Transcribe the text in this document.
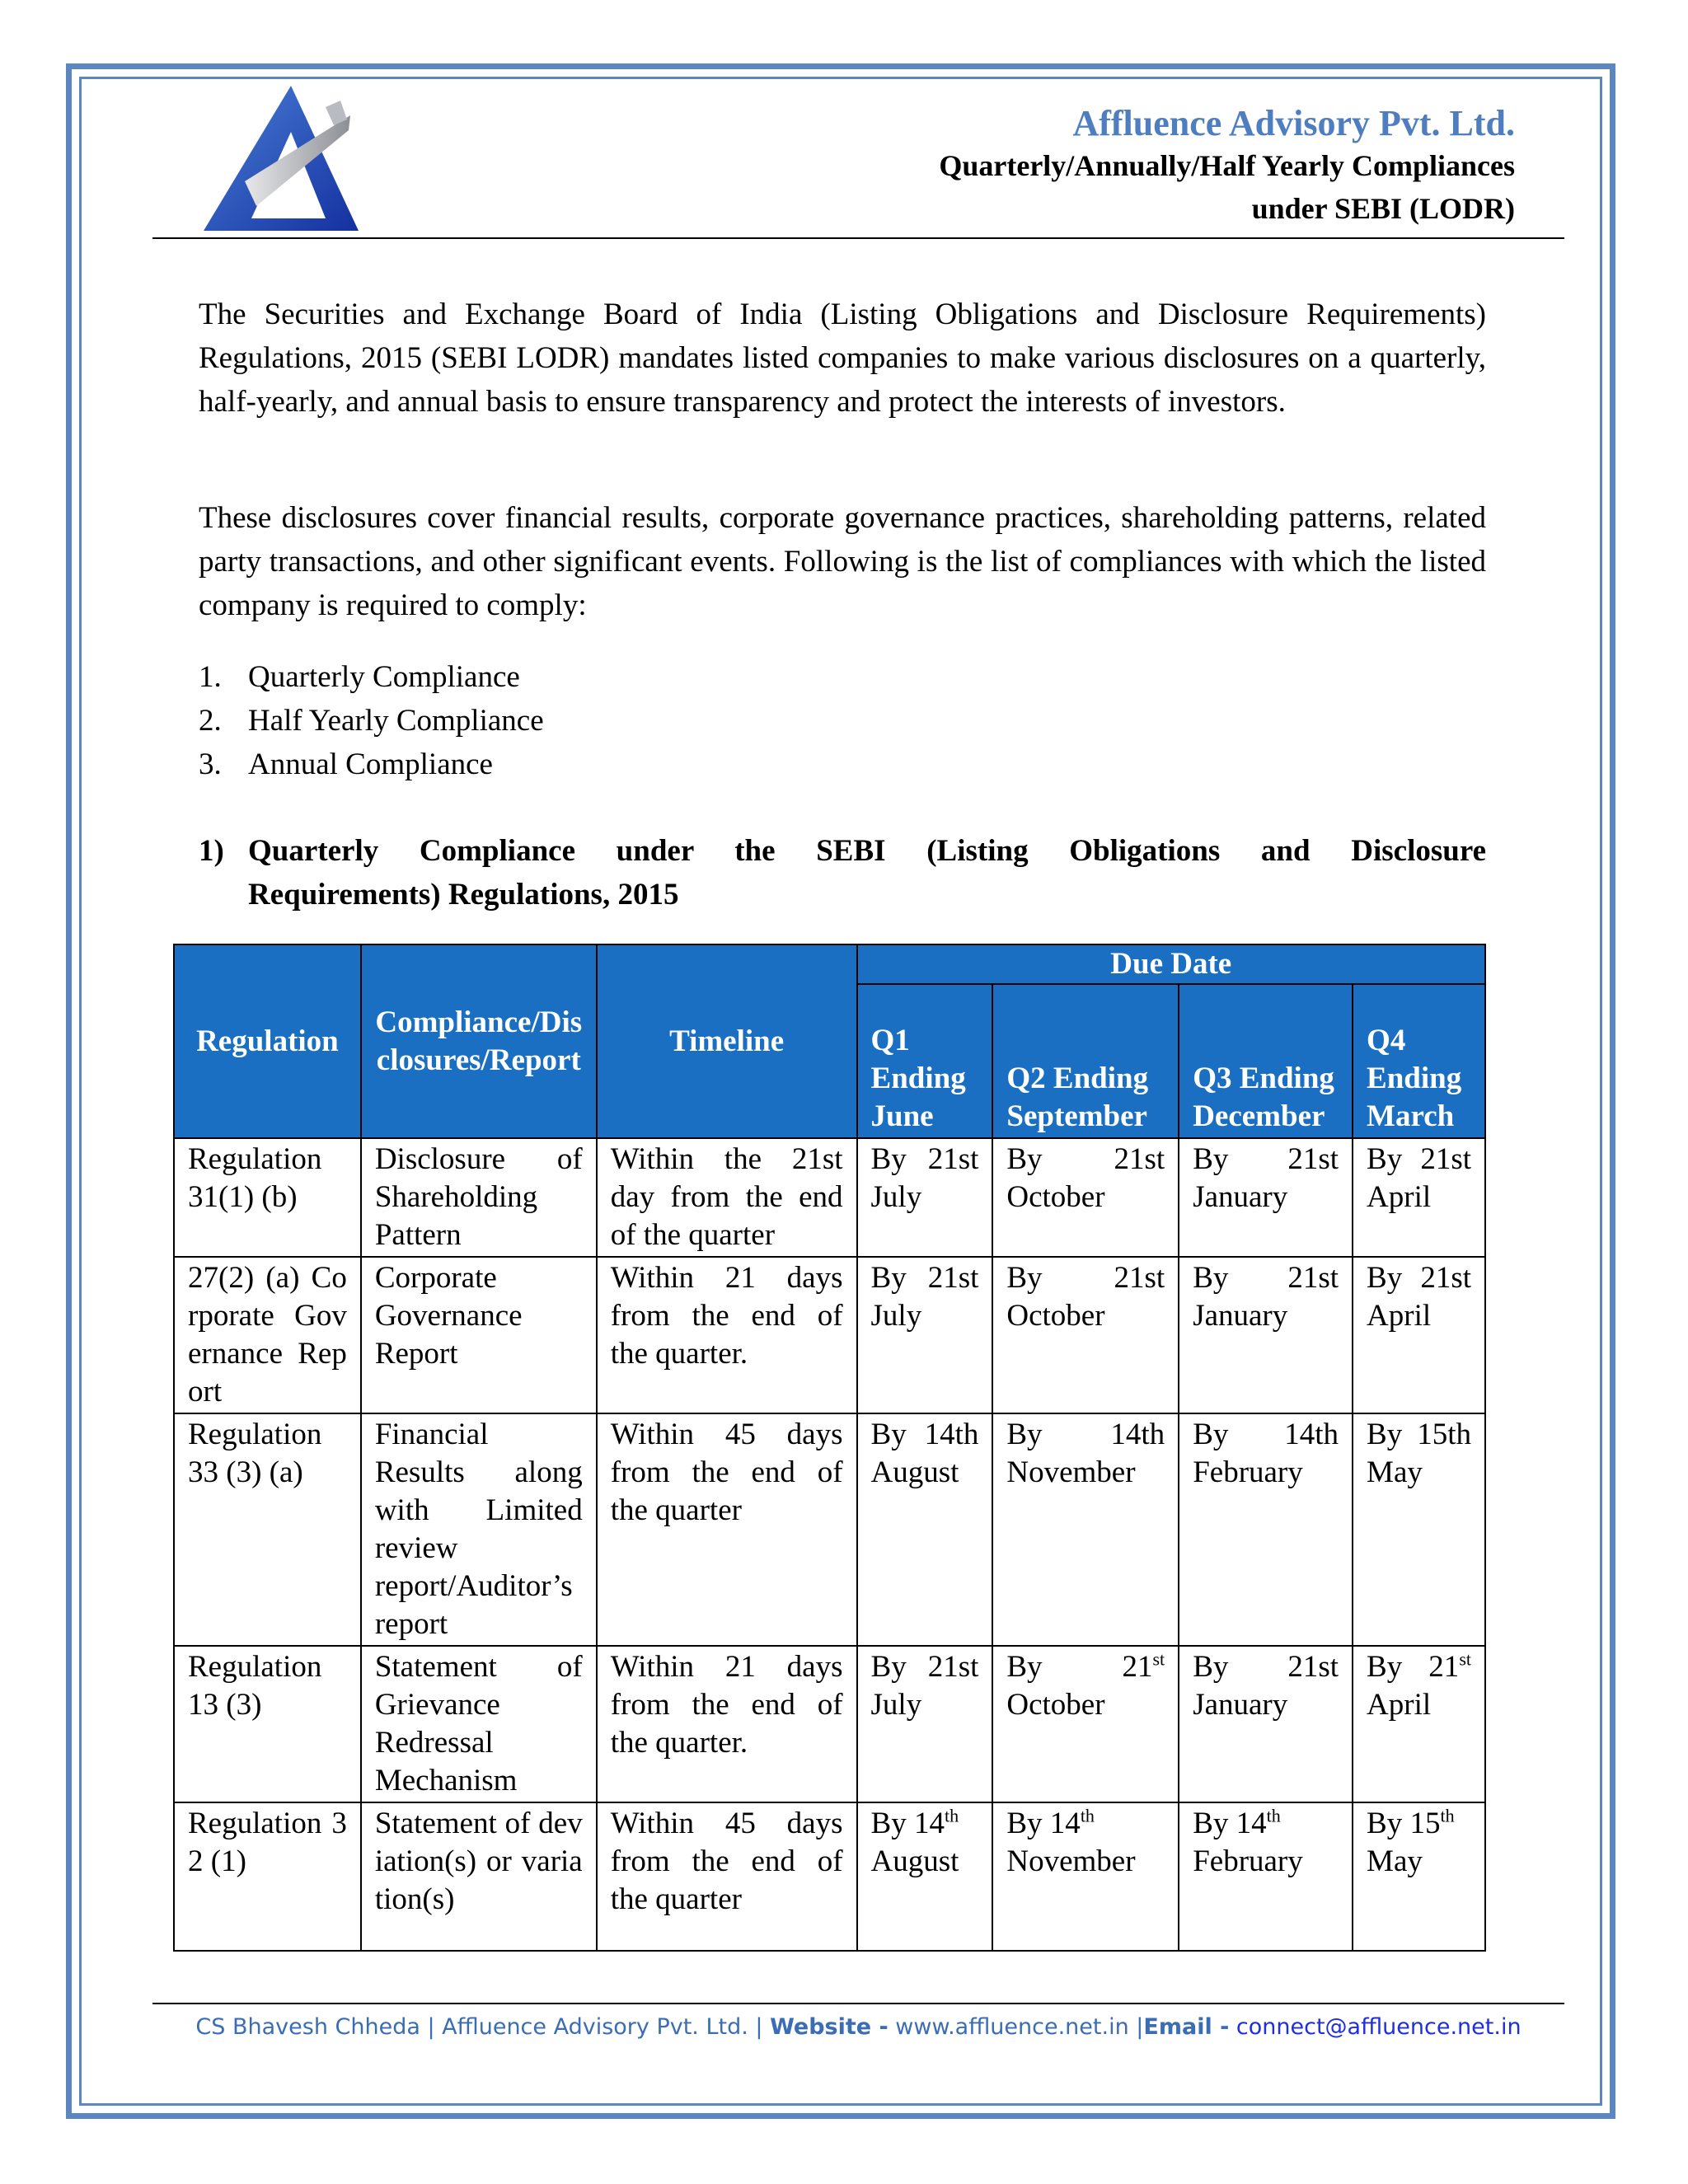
Affluence Advisory Pvt. Ltd.
Quarterly/Annually/Half Yearly Compliances
under SEBI (LODR)
The Securities and Exchange Board of India (Listing Obligations and Disclosure Requirements) Regulations, 2015 (SEBI LODR) mandates listed companies to make various disclosures on a quarterly, half-yearly, and annual basis to ensure transparency and protect the interests of investors.
These disclosures cover financial results, corporate governance practices, shareholding patterns, related party transactions, and other significant events. Following is the list of compliances with which the listed company is required to comply:
1. Quarterly Compliance
2. Half Yearly Compliance
3. Annual Compliance
1) Quarterly Compliance under the SEBI (Listing Obligations and Disclosure
Requirements) Regulations, 2015
Regulation	Compliance/Disclosures/Report	Timeline	Due Date			
			Q1 Ending June	Q2 Ending September	Q3 Ending December	Q4 Ending March
Regulation 31(1) (b)	Disclosure of Shareholding Pattern	Within the 21st day from the end of the quarter	By 21st July	By 21st October	By 21st January	By 21st April
27(2) (a) Corporate Governance Report	Corporate Governance Report	Within 21 days from the end of the quarter.	By 21st July	By 21st October	By 21st January	By 21st April
Regulation 33 (3) (a)	Financial Results along with Limited review report/Auditor’s report	Within 45 days from the end of the quarter	By 14th August	By 14th November	By 14th February	By 15th May
Regulation 13 (3)	Statement of Grievance Redressal Mechanism	Within 21 days from the end of the quarter.	By 21st July	By 21st October	By 21st January	By 21st April
Regulation 32 (1)	Statement of deviation(s) or variation(s)	Within 45 days from the end of the quarter	By 14th August	By 14th November	By 14th February	By 15th May
CS Bhavesh Chheda | Affluence Advisory Pvt. Ltd. | Website - www.affluence.net.in |Email - connect@affluence.net.in
